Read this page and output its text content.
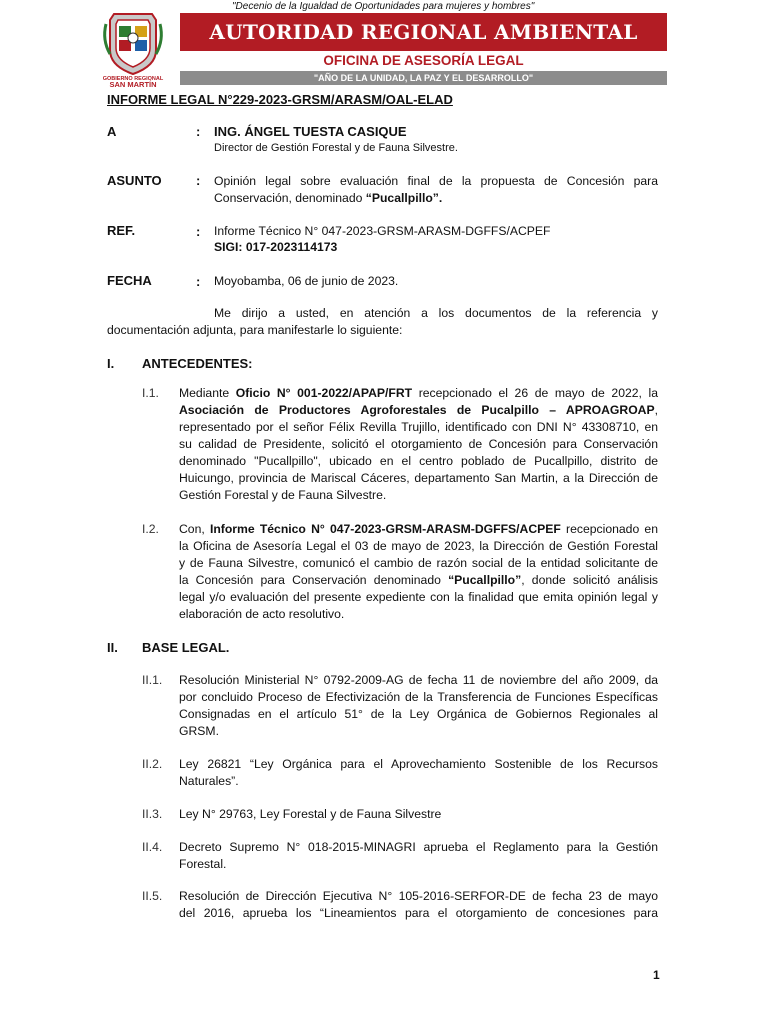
"Decenio de la Igualdad de Oportunidades para mujeres y hombres"
GOBIERNO REGIONAL
SAN MARTÍN
AUTORIDAD REGIONAL AMBIENTAL
OFICINA DE ASESORÍA LEGAL
"AÑO DE LA UNIDAD, LA PAZ Y EL DESARROLLO"
INFORME LEGAL N°229-2023-GRSM/ARASM/OAL-ELAD
A	: ING. ÁNGEL TUESTA CASIQUE
Director de Gestión Forestal y de Fauna Silvestre.
ASUNTO	: Opinión legal sobre evaluación final de la propuesta de Concesión para
Conservación, denominado “Pucallpillo”.
REF.	: Informe Técnico N° 047-2023-GRSM-ARASM-DGFFS/ACPEF
SIGI: 017-2023114173
FECHA	: Moyobamba, 06 de junio de 2023.
Me dirijo a usted, en atención a los documentos de la referencia y
documentación adjunta, para manifestarle lo siguiente:
I. ANTECEDENTES:
I.1. Mediante Oficio N° 001-2022/APAP/FRT recepcionado el 26 de mayo de 2022, la
Asociación de Productores Agroforestales de Pucalpillo – APROAGROAP,
representado por el señor Félix Revilla Trujillo, identificado con DNI N° 43308710, en
su calidad de Presidente, solicitó el otorgamiento de Concesión para Conservación
denominado "Pucallpillo", ubicado en el centro poblado de Pucallpillo, distrito de
Huicungo, provincia de Mariscal Cáceres, departamento San Martin, a la Dirección de
Gestión Forestal y de Fauna Silvestre.
I.2. Con, Informe Técnico N° 047-2023-GRSM-ARASM-DGFFS/ACPEF recepcionado en
la Oficina de Asesoría Legal el 03 de mayo de 2023, la Dirección de Gestión Forestal
y de Fauna Silvestre, comunicó el cambio de razón social de la entidad solicitante de
la Concesión para Conservación denominado “Pucallpillo”, donde solicitó análisis
legal y/o evaluación del presente expediente con la finalidad que emita opinión legal y
elaboración de acto resolutivo.
II. BASE LEGAL.
II.1. Resolución Ministerial N° 0792-2009-AG de fecha 11 de noviembre del año 2009, da
por concluido Proceso de Efectivización de la Transferencia de Funciones Específicas
Consignadas en el artículo 51° de la Ley Orgánica de Gobiernos Regionales al
GRSM.
II.2. Ley 26821 “Ley Orgánica para el Aprovechamiento Sostenible de los Recursos
Naturales”.
II.3. Ley N° 29763, Ley Forestal y de Fauna Silvestre
II.4. Decreto Supremo N° 018-2015-MINAGRI aprueba el Reglamento para la Gestión
Forestal.
II.5. Resolución de Dirección Ejecutiva N° 105-2016-SERFOR-DE de fecha 23 de mayo
del 2016, aprueba los “Lineamientos para el otorgamiento de concesiones para
1
